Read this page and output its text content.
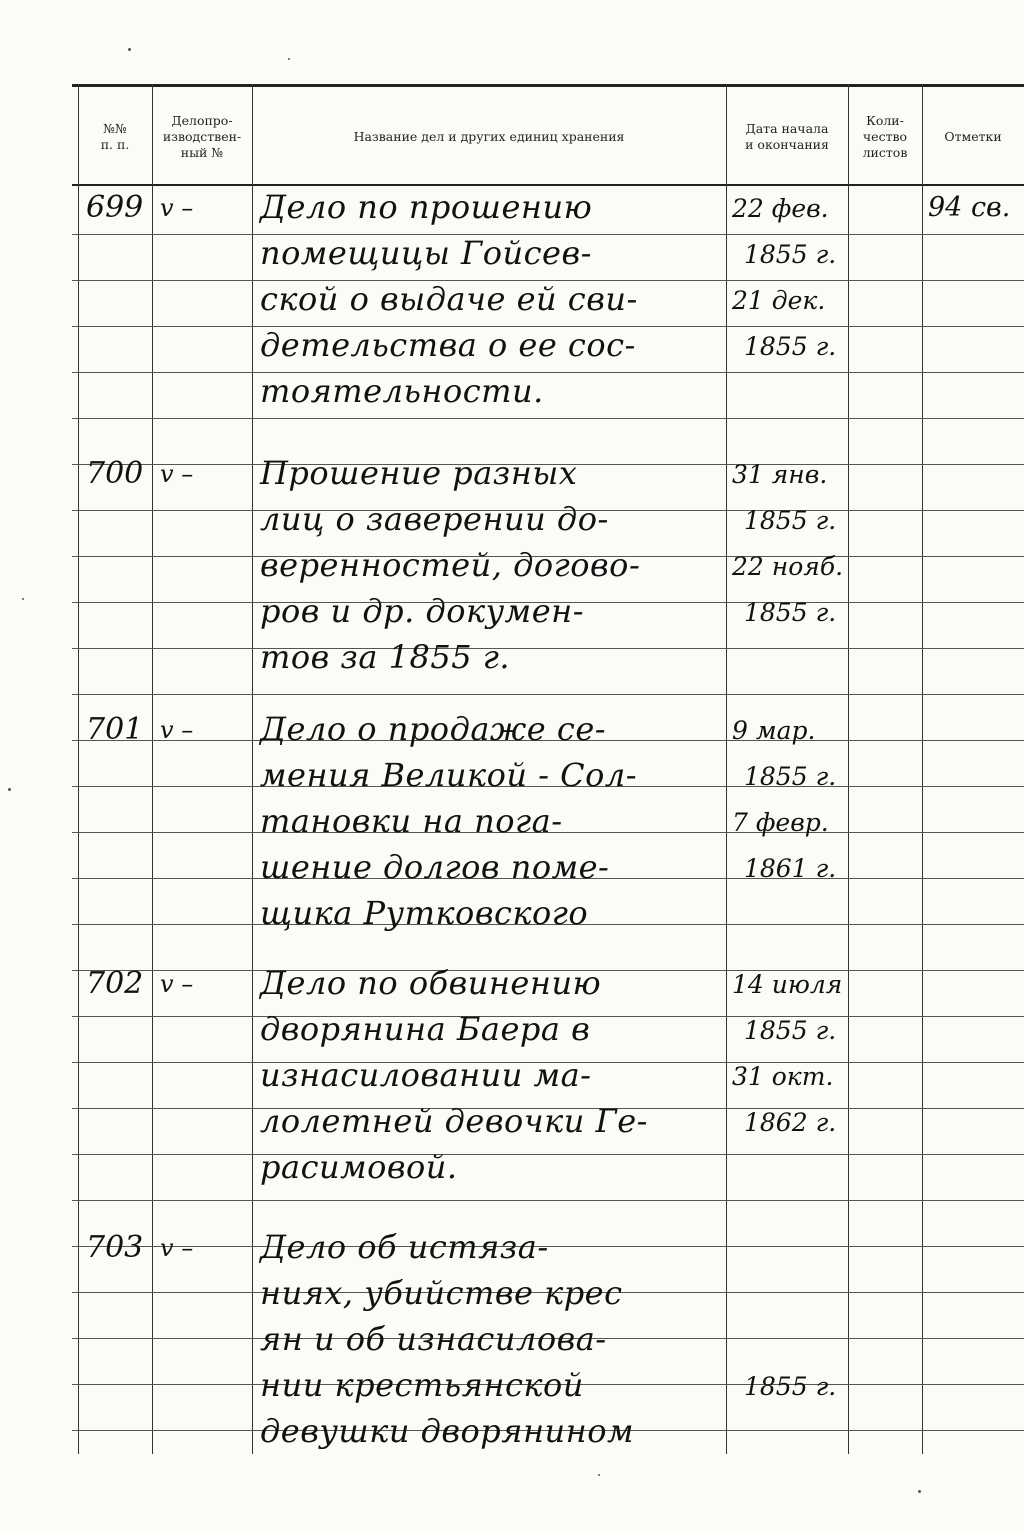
№№
п. п.
Делопро-
изводствен-
ный №
Название дел и других единиц хранения
Дата начала
и окончания
Коли-
чество
листов
Отметки
699 v – Дело по прошению
помещицы Гойсев-
ской о выдаче ей сви-
детельства о ее сос-
тоятельности.
22 фев.
1855 г.
21 дек.
1855 г.
94 св.
700 v – Прошение разных
лиц о заверении до-
веренностей, догово-
ров и др. докумен-
тов за 1855 г.
31 янв.
1855 г.
22 нояб.
1855 г.
701 v – Дело о продаже се-
мения Великой - Сол-
тановки на пога-
шение долгов поме-
щика Рутковского
9 мар.
1855 г.
7 февр.
1861 г.
702 v – Дело по обвинению
дворянина Баера в
изнасиловании ма-
лолетней девочки Ге-
расимовой.
14 июля
1855 г.
31 окт.
1862 г.
703 v – Дело об истяза-
ниях, убийстве крес
ян и об изнасилова-
нии крестьянской
девушки дворянином
1855 г.
